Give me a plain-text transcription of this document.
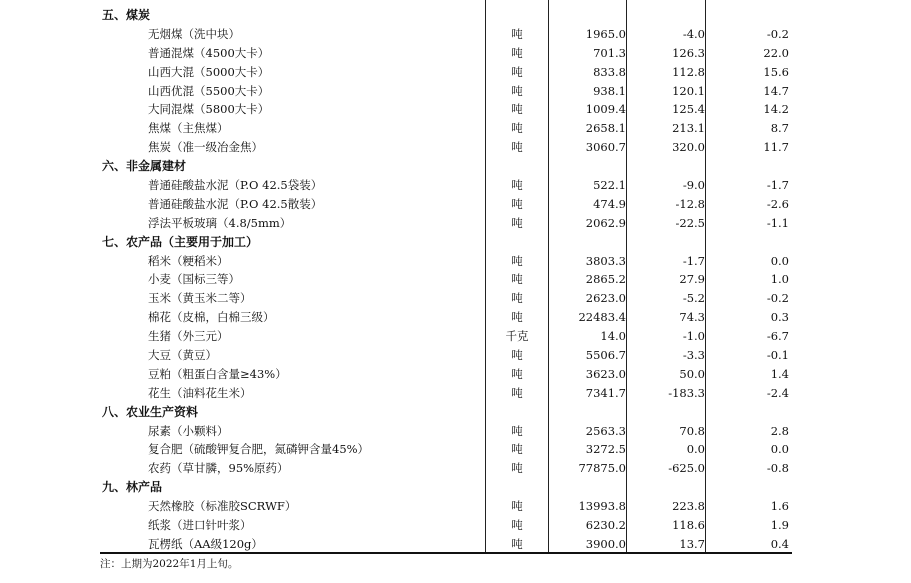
五、煤炭
无烟煤（洗中块）	吨	1965.0	-4.0	-0.2
普通混煤（4500大卡）	吨	701.3	126.3	22.0
山西大混（5000大卡）	吨	833.8	112.8	15.6
山西优混（5500大卡）	吨	938.1	120.1	14.7
大同混煤（5800大卡）	吨	1009.4	125.4	14.2
焦煤（主焦煤）	吨	2658.1	213.1	8.7
焦炭（准一级冶金焦）	吨	3060.7	320.0	11.7
六、非金属建材
普通硅酸盐水泥（P.O 42.5袋装）	吨	522.1	-9.0	-1.7
普通硅酸盐水泥（P.O 42.5散装）	吨	474.9	-12.8	-2.6
浮法平板玻璃（4.8/5mm）	吨	2062.9	-22.5	-1.1
七、农产品（主要用于加工）
稻米（粳稻米）	吨	3803.3	-1.7	0.0
小麦（国标三等）	吨	2865.2	27.9	1.0
玉米（黄玉米二等）	吨	2623.0	-5.2	-0.2
棉花（皮棉，白棉三级）	吨	22483.4	74.3	0.3
生猪（外三元）	千克	14.0	-1.0	-6.7
大豆（黄豆）	吨	5506.7	-3.3	-0.1
豆粕（粗蛋白含量≥43%）	吨	3623.0	50.0	1.4
花生（油料花生米）	吨	7341.7	-183.3	-2.4
八、农业生产资料
尿素（小颗料）	吨	2563.3	70.8	2.8
复合肥（硫酸钾复合肥，氮磷钾含量45%）	吨	3272.5	0.0	0.0
农药（草甘膦，95%原药）	吨	77875.0	-625.0	-0.8
九、林产品
天然橡胶（标准胶SCRWF）	吨	13993.8	223.8	1.6
纸浆（进口针叶浆）	吨	6230.2	118.6	1.9
瓦楞纸（AA级120g）	吨	3900.0	13.7	0.4
注：上期为2022年1月上旬。
